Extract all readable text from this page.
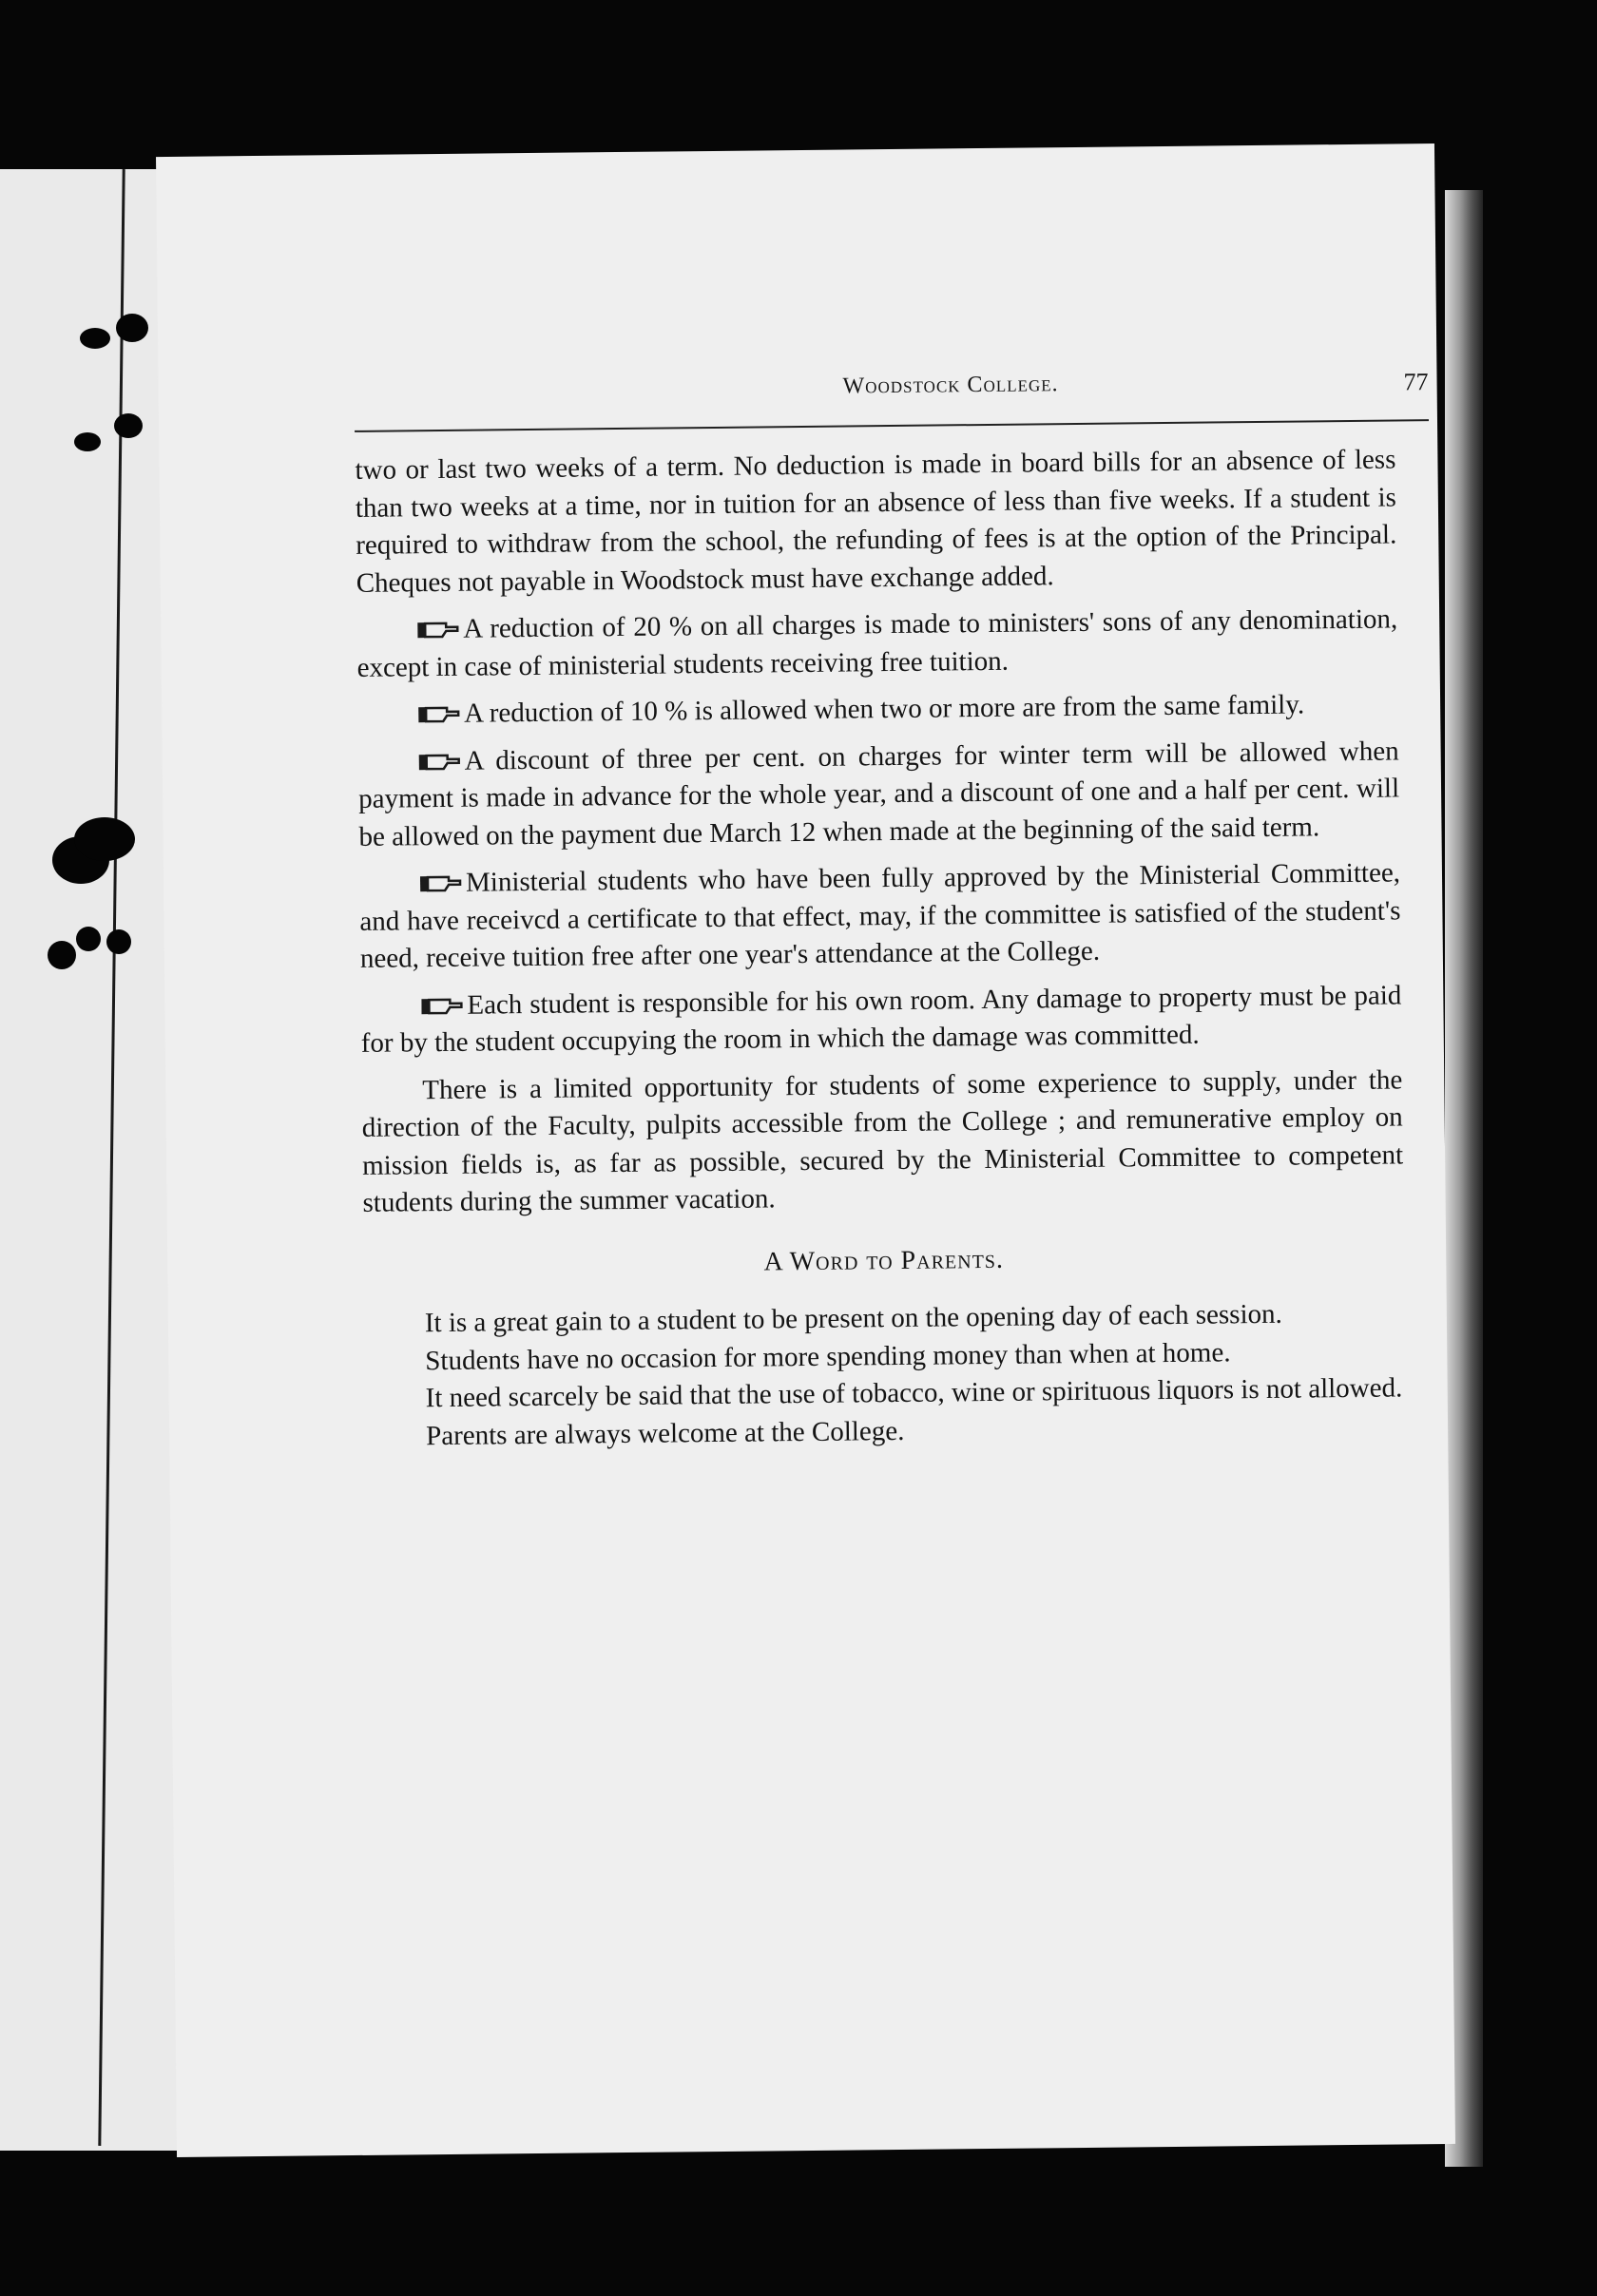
Woodstock College.	77

two or last two weeks of a term. No deduction is made in board bills for an absence of less than two weeks at a time, nor in tuition for an absence of less than five weeks. If a student is required to withdraw from the school, the refunding of fees is at the option of the Principal. Cheques not payable in Woodstock must have exchange added.

A reduction of 20 % on all charges is made to ministers' sons of any denomination, except in case of ministerial students receiving free tuition.

A reduction of 10 % is allowed when two or more are from the same family.

A discount of three per cent. on charges for winter term will be allowed when payment is made in advance for the whole year, and a discount of one and a half per cent. will be allowed on the payment due March 12 when made at the beginning of the said term.

Ministerial students who have been fully approved by the Ministerial Committee, and have receivcd a certificate to that effect, may, if the committee is satisfied of the student's need, receive tuition free after one year's attendance at the College.

Each student is responsible for his own room. Any damage to property must be paid for by the student occupying the room in which the damage was committed.

There is a limited opportunity for students of some experience to supply, under the direction of the Faculty, pulpits accessible from the College ; and remunerative employ on mission fields is, as far as possible, secured by the Ministerial Committee to competent students during the summer vacation.

A Word to Parents.

It is a great gain to a student to be present on the opening day of each session.

Students have no occasion for more spending money than when at home.

It need scarcely be said that the use of tobacco, wine or spirituous liquors is not allowed.

Parents are always welcome at the College.
